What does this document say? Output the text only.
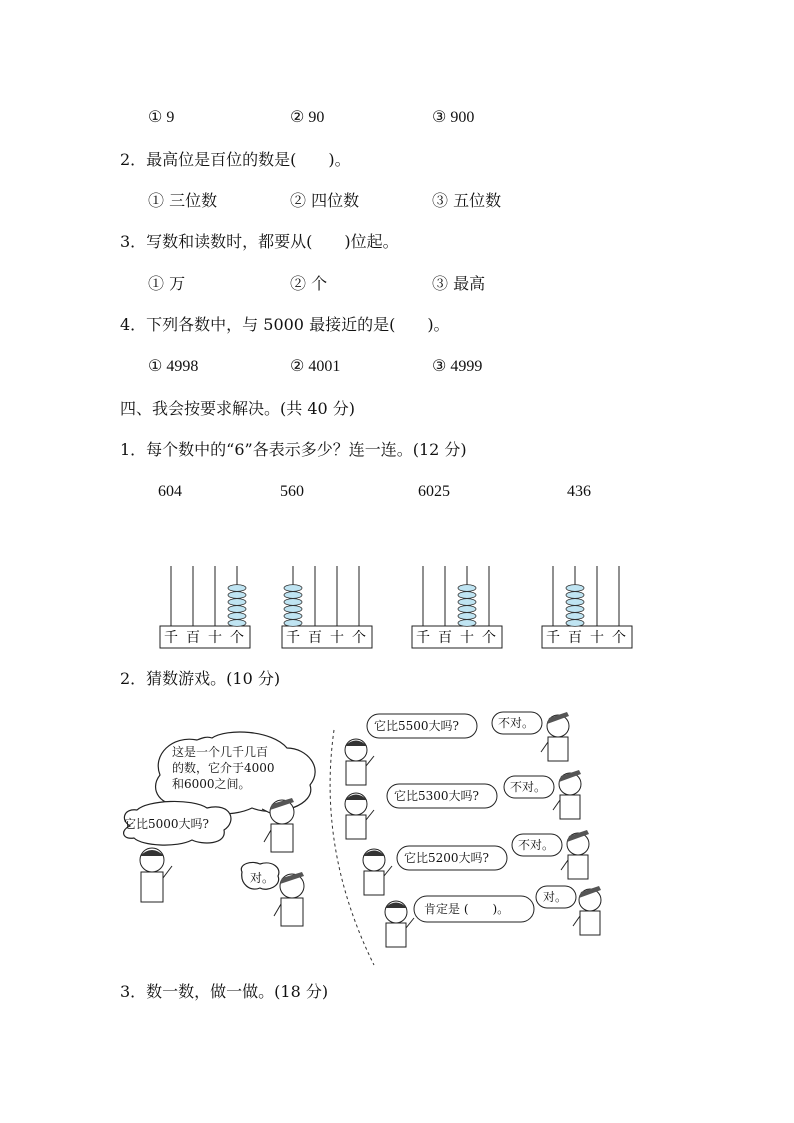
① 9	② 90	③ 900
2．最高位是百位的数是(　　)。
① 三位数	② 四位数	③ 五位数
3．写数和读数时，都要从(　　)位起。
① 万	② 个	③ 最高
4．下列各数中，与 5000 最接近的是(　　)。
① 4998	② 4001	③ 4999
四、我会按要求解决。(共 40 分)
1．每个数中的“6”各表示多少？连一连。(12 分)
604	560	6025	436
千 百 十 个	千 百 十 个	千 百 十 个	千 百 十 个
2．猜数游戏。(10 分)
这是一个几千几百
的数，它介于4000
和6000之间。
它比5000大吗?
对。
它比5500大吗?	不对。
它比5300大吗?
不对。
它比5200大吗?
不对。
肯定是 (　　)。
对。
3．数一数，做一做。(18 分)
